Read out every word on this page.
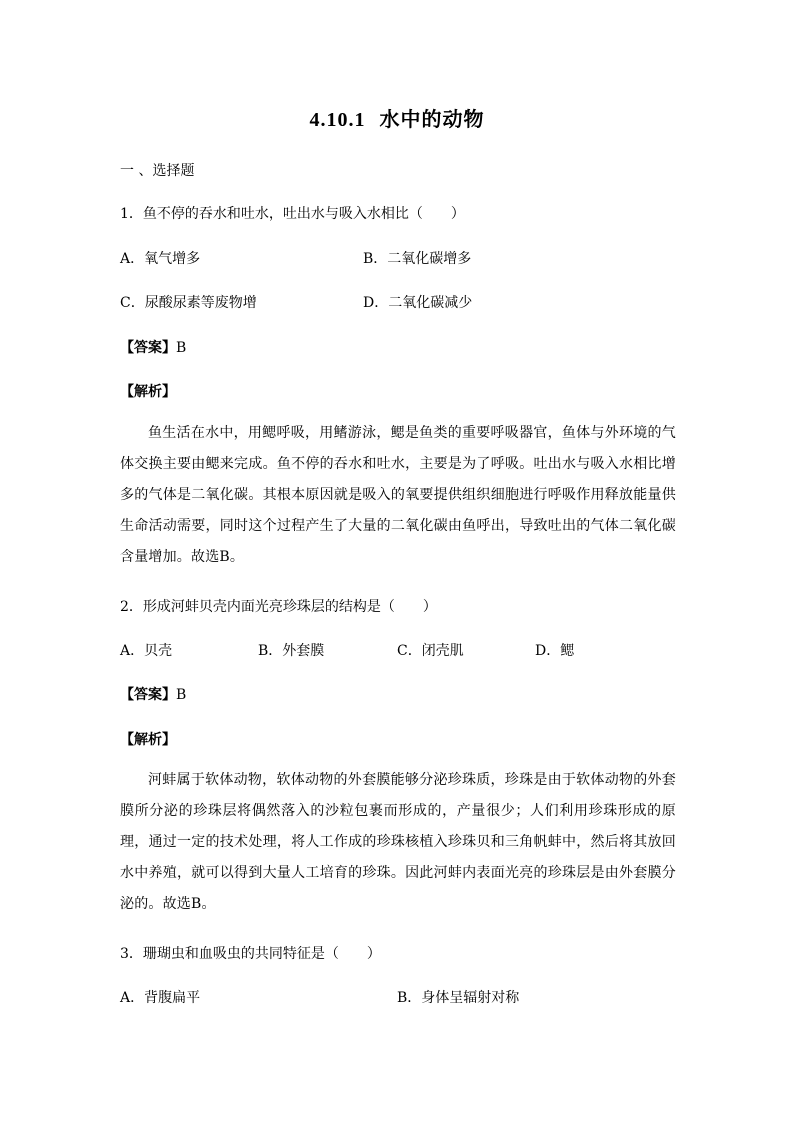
4.10.1 水中的动物
一 、选择题
1．鱼不停的吞水和吐水，吐出水与吸入水相比（　　）
A．氧气增多	B．二氧化碳增多
C．尿酸尿素等废物增	D．二氧化碳减少
【答案】B
【解析】
鱼生活在水中，用鳃呼吸，用鳍游泳，鳃是鱼类的重要呼吸器官，鱼体与外环境的气体交换主要由鳃来完成。鱼不停的吞水和吐水，主要是为了呼吸。吐出水与吸入水相比增多的气体是二氧化碳。其根本原因就是吸入的氧要提供组织细胞进行呼吸作用释放能量供生命活动需要，同时这个过程产生了大量的二氧化碳由鱼呼出，导致吐出的气体二氧化碳含量增加。故选B。
2．形成河蚌贝壳内面光亮珍珠层的结构是（　　）
A．贝壳	B．外套膜	C．闭壳肌	D．鳃
【答案】B
【解析】
河蚌属于软体动物，软体动物的外套膜能够分泌珍珠质，珍珠是由于软体动物的外套膜所分泌的珍珠层将偶然落入的沙粒包裹而形成的，产量很少；人们利用珍珠形成的原理，通过一定的技术处理，将人工作成的珍珠核植入珍珠贝和三角帆蚌中，然后将其放回水中养殖，就可以得到大量人工培育的珍珠。因此河蚌内表面光亮的珍珠层是由外套膜分泌的。故选B。
3．珊瑚虫和血吸虫的共同特征是（　　）
A．背腹扁平	B．身体呈辐射对称
